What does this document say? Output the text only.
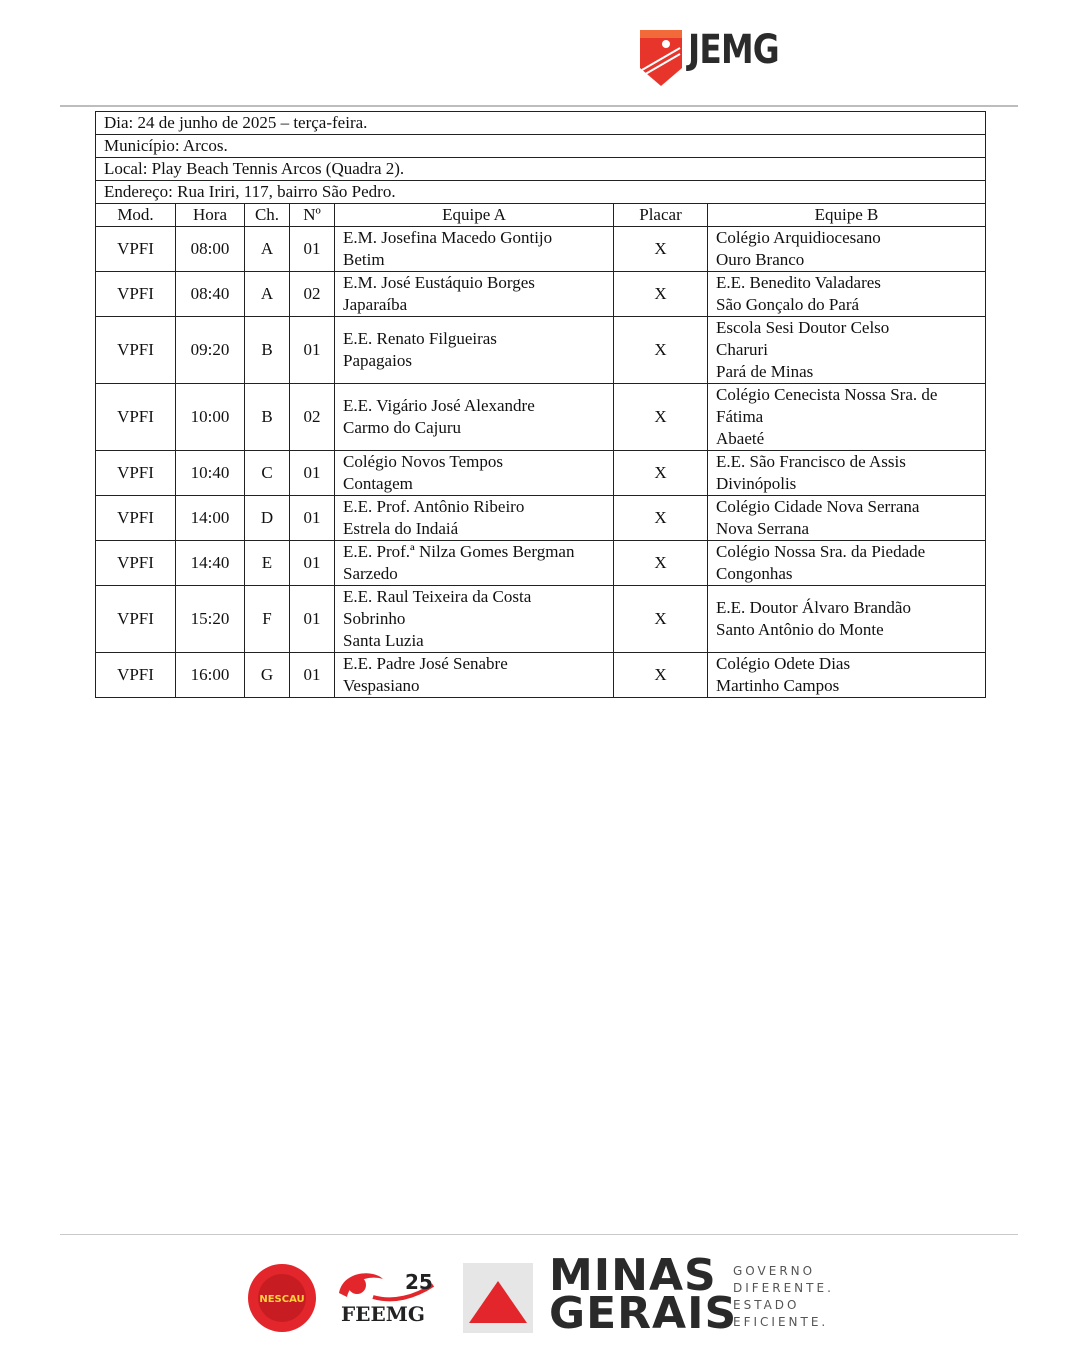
JEMG
Dia: 24 de junho de 2025 – terça-feira.						
Município: Arcos.						
Local: Play Beach Tennis Arcos (Quadra 2).						
Endereço: Rua Iriri, 117, bairro São Pedro.						
Mod.	Hora	Ch.	Nº	Equipe A	Placar	Equipe B
VPFI	08:00	A	01	E.M. Josefina Macedo Gontijo
Betim	X	Colégio Arquidiocesano
Ouro Branco

VPFI	08:40	A	02	E.M. José Eustáquio Borges
Japaraíba	X	E.E. Benedito Valadares
São Gonçalo do Pará

VPFI	09:20	B	01	E.E. Renato Filgueiras
Papagaios	X	Escola Sesi Doutor Celso
Charuri
Pará de Minas

VPFI	10:00	B	02	E.E. Vigário José Alexandre
Carmo do Cajuru	X	Colégio Cenecista Nossa Sra. de
Fátima
Abaeté

VPFI	10:40	C	01	Colégio Novos Tempos
Contagem	X	E.E. São Francisco de Assis
Divinópolis

VPFI	14:00	D	01	E.E. Prof. Antônio Ribeiro
Estrela do Indaiá	X	Colégio Cidade Nova Serrana
Nova Serrana

VPFI	14:40	E	01	E.E. Prof.ª Nilza Gomes Bergman
Sarzedo	X	Colégio Nossa Sra. da Piedade
Congonhas

VPFI	15:20	F	01	E.E. Raul Teixeira da Costa
Sobrinho
Santa Luzia	X	E.E. Doutor Álvaro Brandão
Santo Antônio do Monte

VPFI	16:00	G	01	E.E. Padre José Senabre
Vespasiano	X	Colégio Odete Dias
Martinho Campos
NESCAU
25
FEEMG
MINAS
GERAIS
GOVERNO
DIFERENTE.
ESTADO
EFICIENTE.
